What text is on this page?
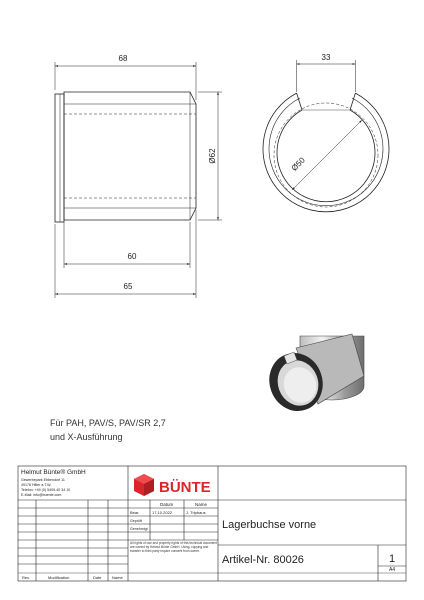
68
Ø62
60
65
33
Ø50
Helmut Bünte® GmbH
Gewerbepark Ebbendorf 11
49176 Hilter a.T.W.
Telefon: +49 (0) 5409-40 34 10
E-Mail: info@buente.com	BÜNTE
Datum	Name
Bear.	17.10.2022	J. Tripbaus
Geprüft
Genehmigt
All rights of use and property rights of this technical document are owned by Helmut Bünte GmbH. Using, copying and transfer to third party require consent from owner.
Lagerbuchse vorne
Artikel-Nr. 80026	1
A4
Rev.	Modification	Date	Name
Für PAH, PAV/S, PAV/SR 2,7
und X-Ausführung
